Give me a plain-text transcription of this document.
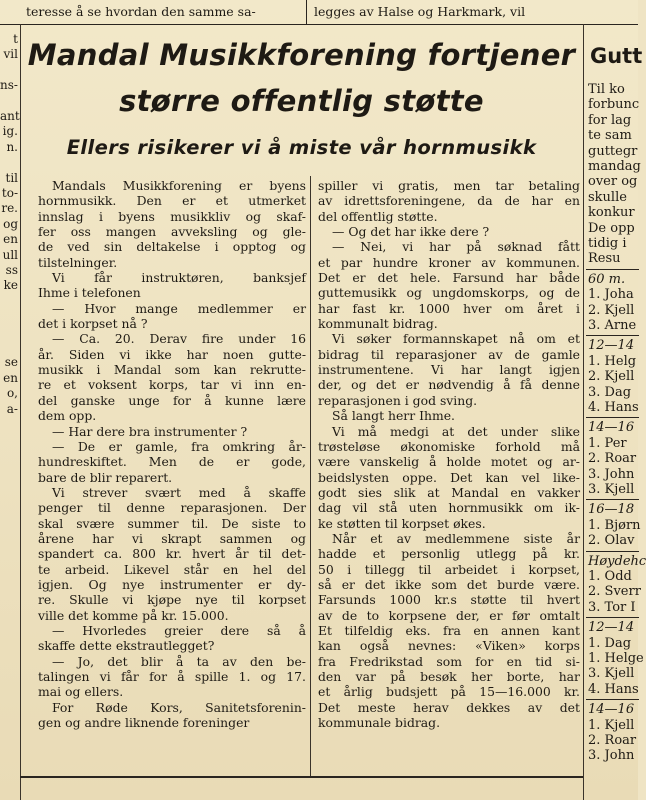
teresse å se hvordan den samme sa-	legges av Halse og Harkmark, vil
t
vil
ns-
ant
ig.
n.
til
to-
re.
og
en
ull
ss
ke
se
en
o,
a-
Mandal Musikkforening fortjener
større offentlig støtte
Ellers risikerer vi å miste vår hornmusikk
Mandals Musikkforening er byens
hornmusikk. Den er et utmerket
innslag i byens musikkliv og skaf-
fer oss mangen avveksling og gle-
de ved sin deltakelse i opptog og
tilstelninger.
Vi får instruktøren, banksjef
Ihme i telefonen
— Hvor mange medlemmer er
det i korpset nå ?
— Ca. 20. Derav fire under 16
år. Siden vi ikke har noen gutte-
musikk i Mandal som kan rekrutte-
re et voksent korps, tar vi inn en-
del ganske unge for å kunne lære
dem opp.
— Har dere bra instrumenter ?
— De er gamle, fra omkring år-
hundreskiftet. Men de er gode,
bare de blir reparert.
Vi strever svært med å skaffe
penger til denne reparasjonen. Der
skal svære summer til. De siste to
årene har vi skrapt sammen og
spandert ca. 800 kr. hvert år til det-
te arbeid. Likevel står en hel del
igjen. Og nye instrumenter er dy-
re. Skulle vi kjøpe nye til korpset
ville det komme på kr. 15.000.
— Hvorledes greier dere så å
skaffe dette ekstrautlegget?
— Jo, det blir å ta av den be-
talingen vi får for å spille 1. og 17.
mai og ellers.
For Røde Kors, Sanitetsforenin-
gen og andre liknende foreninger
spiller vi gratis, men tar betaling
av idrettsforeningene, da de har en
del offentlig støtte.
— Og det har ikke dere ?
— Nei, vi har på søknad fått
et par hundre kroner av kommunen.
Det er det hele. Farsund har både
guttemusikk og ungdomskorps, og de
har fast kr. 1000 hver om året i
kommunalt bidrag.
Vi søker formannskapet nå om et
bidrag til reparasjoner av de gamle
instrumentene. Vi har langt igjen
der, og det er nødvendig å få denne
reparasjonen i god sving.
Så langt herr Ihme.
Vi må medgi at det under slike
trøsteløse økonomiske forhold må
være vanskelig å holde motet og ar-
beidslysten oppe. Det kan vel like-
godt sies slik at Mandal en vakker
dag vil stå uten hornmusikk om ik-
ke støtten til korpset økes.
Når et av medlemmene siste år
hadde et personlig utlegg på kr.
50 i tillegg til arbeidet i korpset,
så er det ikke som det burde være.
Farsunds 1000 kr.s støtte til hvert
av de to korpsene der, er før omtalt
Et tilfeldig eks. fra en annen kant
kan også nevnes: «Viken» korps
fra Fredrikstad som for en tid si-
den var på besøk her borte, har
et årlig budsjett på 15—16.000 kr.
Det meste herav dekkes av det
kommunale bidrag.
Gutt
Til ko
forbunc
for lag
te sam
guttegr
mandag
over og
skulle
konkur
De opp
tidig i
Resu
60 m.
1. Joha
2. Kjell
3. Arne
12—14
1. Helg
2. Kjell
3. Dag
4. Hans
14—16
1. Per
2. Roar
3. John
3. Kjell
16—18
1. Bjørn
2. Olav
Høydehc
1. Odd
2. Sverr
3. Tor I
12—14
1. Dag
1. Helge
3. Kjell
4. Hans
14—16
1. Kjell
2. Roar
3. John
